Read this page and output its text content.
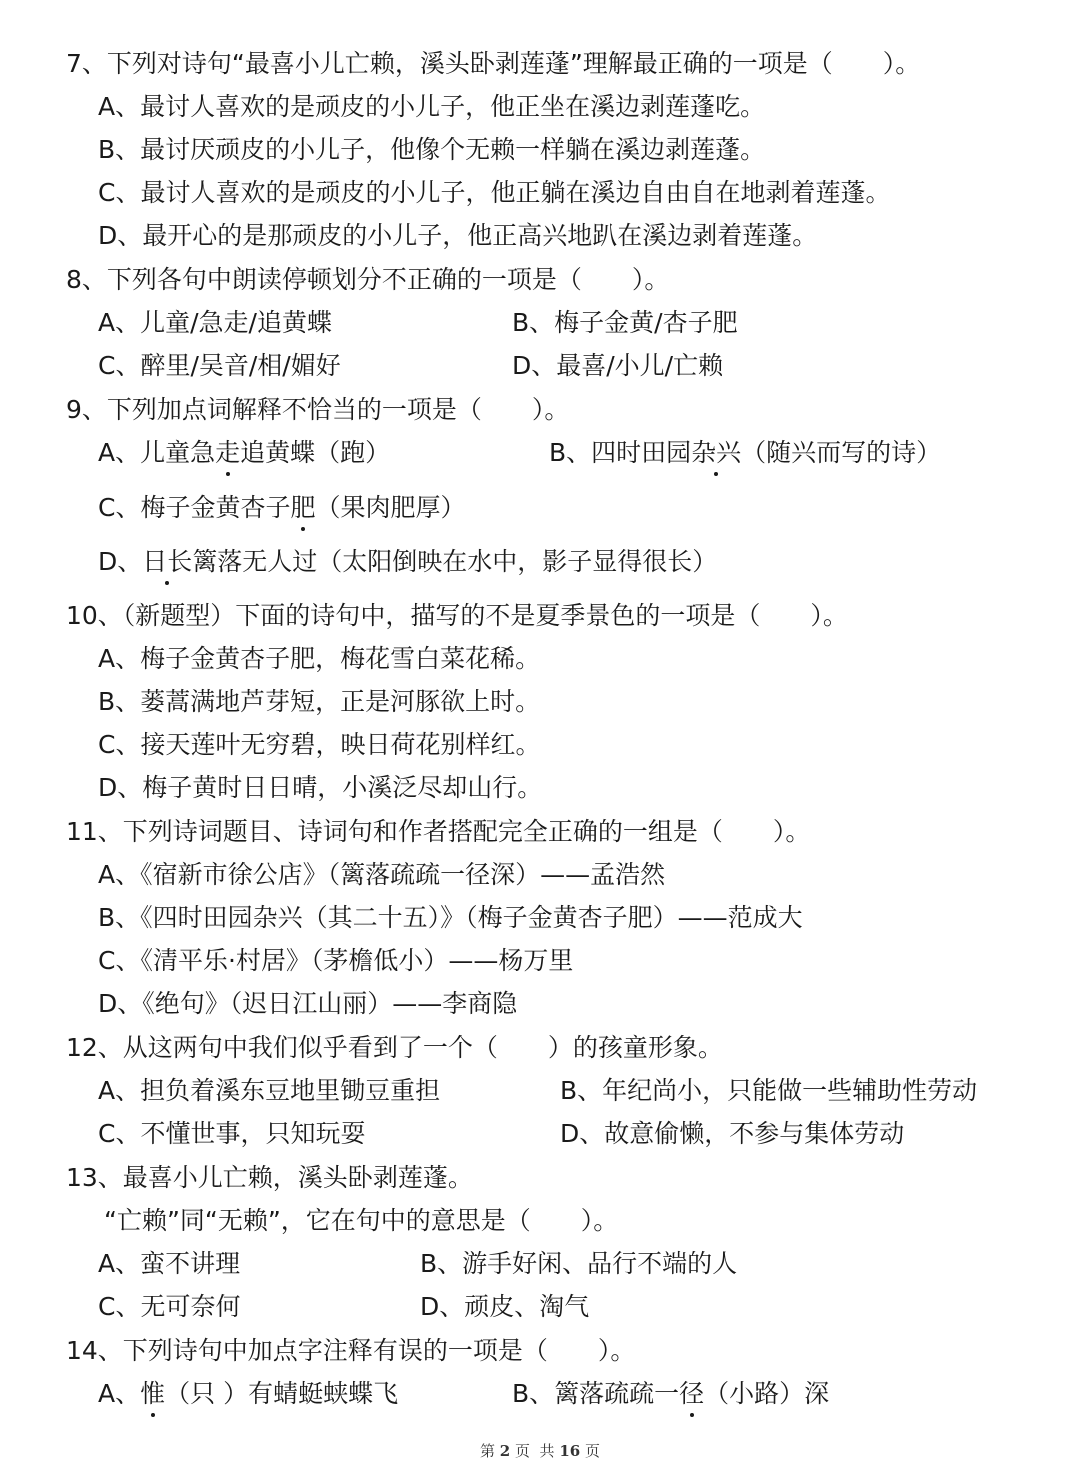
7、下列对诗句“最喜小儿亡赖，溪头卧剥莲蓬”理解最正确的一项是（　　）。
A、最讨人喜欢的是顽皮的小儿子，他正坐在溪边剥莲蓬吃。
B、最讨厌顽皮的小儿子，他像个无赖一样躺在溪边剥莲蓬。
C、最讨人喜欢的是顽皮的小儿子，他正躺在溪边自由自在地剥着莲蓬。
D、最开心的是那顽皮的小儿子，他正高兴地趴在溪边剥着莲蓬。
8、下列各句中朗读停顿划分不正确的一项是（　　）。
A、儿童/急走/追黄蝶	B、梅子金黄/杏子肥
C、醉里/吴音/相/媚好	D、最喜/小儿/亡赖
9、下列加点词解释不恰当的一项是（　　）。
A、儿童急走追黄蝶（跑）	B、四时田园杂兴（随兴而写的诗）
C、梅子金黄杏子肥（果肉肥厚）
D、日长篱落无人过（太阳倒映在水中，影子显得很长）
10、（新题型）下面的诗句中，描写的不是夏季景色的一项是（　　）。
A、梅子金黄杏子肥，梅花雪白菜花稀。
B、蒌蒿满地芦芽短，正是河豚欲上时。
C、接天莲叶无穷碧，映日荷花别样红。
D、梅子黄时日日晴，小溪泛尽却山行。
11、下列诗词题目、诗词句和作者搭配完全正确的一组是（　　）。
A、《宿新市徐公店》（篱落疏疏一径深）——孟浩然
B、《四时田园杂兴（其二十五）》（梅子金黄杏子肥）——范成大
C、《清平乐·村居》（茅檐低小）——杨万里
D、《绝句》（迟日江山丽）——李商隐
12、从这两句中我们似乎看到了一个（　　）的孩童形象。
A、担负着溪东豆地里锄豆重担	B、年纪尚小，只能做一些辅助性劳动
C、不懂世事，只知玩耍	D、故意偷懒，不参与集体劳动
13、最喜小儿亡赖，溪头卧剥莲蓬。
“亡赖”同“无赖”，它在句中的意思是（　　）。
A、蛮不讲理	B、游手好闲、品行不端的人
C、无可奈何	D、顽皮、淘气
14、下列诗句中加点字注释有误的一项是（　　）。
A、惟（只 ）有蜻蜓蛱蝶飞	B、篱落疏疏一径（小路）深
第 2 页  共 16 页
